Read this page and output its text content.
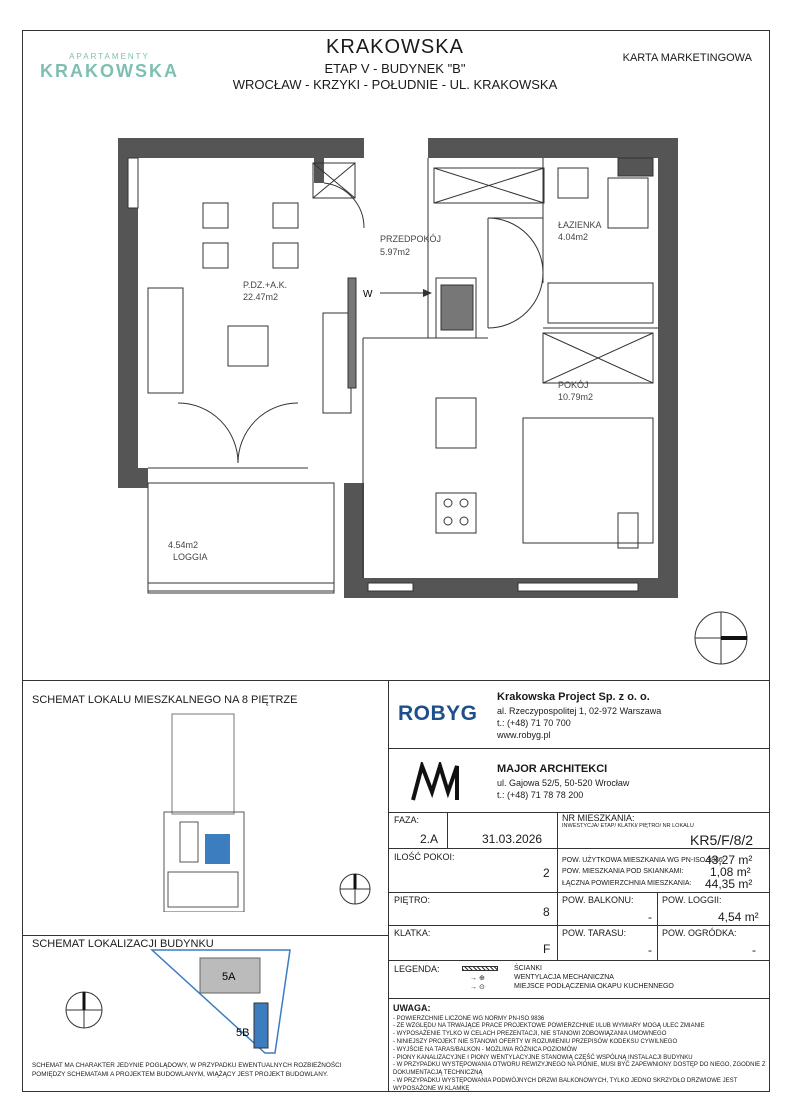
APARTAMENTY
KRAKOWSKA
KRAKOWSKA
ETAP V - BUDYNEK "B"
WROCŁAW - KRZYKI - POŁUDNIE - UL. KRAKOWSKA
KARTA MARKETINGOWA
W
P.DZ.+A.K.
22.47m2
PRZEDPOKÓJ
5.97m2
ŁAZIENKA
4.04m2
POKÓJ
10.79m2
4.54m2
LOGGIA
SCHEMAT LOKALU MIESZKALNEGO NA 8 PIĘTRZE
SCHEMAT LOKALIZACJI BUDYNKU
5A
5B
SCHEMAT MA CHARAKTER JEDYNIE POGLĄDOWY, W PRZYPADKU EWENTUALNYCH ROZBIEŻNOŚCI POMIĘDZY SCHEMATAMI A PROJEKTEM BUDOWLANYM, WIĄŻĄCY JEST PROJEKT BUDOWLANY.
ROBYG
Krakowska Project Sp. z o. o.
al. Rzeczypospolitej 1, 02-972 Warszawa
t.: (+48) 71 70 700
www.robyg.pl
MAJOR ARCHITEKCI
ul. Gajowa 52/5, 50-520 Wrocław
t.: (+48) 71 78 78 200
FAZA:
2.A	31.03.2026
NR MIESZKANIA:
INWESTYCJA/ ETAP/ KLATKI/ PIĘTRO/ NR LOKALU
KR5/F/8/2
ILOŚĆ POKOI:
2
POW. UŻYTKOWA MIESZKANIA WG PN-ISO 9836:
43,27 m²
POW. MIESZKANIA POD SKIANKAMI: 1,08 m²
ŁĄCZNA POWIERZCHNIA MIESZKANIA: 44,35 m²
PIĘTRO:
8
POW. BALKONU:
-
POW. LOGGII:
4,54 m²
KLATKA:
F
POW. TARASU:
-
POW. OGRÓDKA:
-
LEGENDA:
→ ⊕
→ ⊙
ŚCIANKI
WENTYLACJA MECHANICZNA
MIEJSCE PODŁĄCZENIA OKAPU KUCHENNEGO
UWAGA:
- POWIERZCHNIE LICZONE WG NORMY PN-ISO 9836
- ZE WZGLĘDU NA TRWAJĄCE PRACE PROJEKTOWE POWIERZCHNIE I/LUB WYMIARY MOGĄ ULEC ZMIANIE
- WYPOSAŻENIE TYLKO W CELACH PREZENTACJI, NIE STANOWI ZOBOWIĄZANIA UMOWNEGO
- NINIEJSZY PROJEKT NIE STANOWI OFERTY W ROZUMIENIU PRZEPISÓW KODEKSU CYWILNEGO
- WYJŚCIE NA TARAS/BALKON - MOŻLIWA RÓŻNICA POZIOMÓW
- PIONY KANALIZACYJNE I PIONY WENTYLACYJNE STANOWIĄ CZĘŚĆ WSPÓLNĄ INSTALACJI BUDYNKU
- W PRZYPADKU WYSTĘPOWANIA OTWORU REWIZYJNEGO NA PIONIE, MUSI BYĆ ZAPEWNIONY DOSTĘP DO NIEGO, ZGODNIE Z DOKUMENTACJĄ TECHNICZNĄ
- W PRZYPADKU WYSTĘPOWANIA PODWÓJNYCH DRZWI BALKONOWYCH, TYLKO JEDNO SKRZYDŁO DRZWIOWE JEST WYPOSAŻONE W KLAMKĘ
